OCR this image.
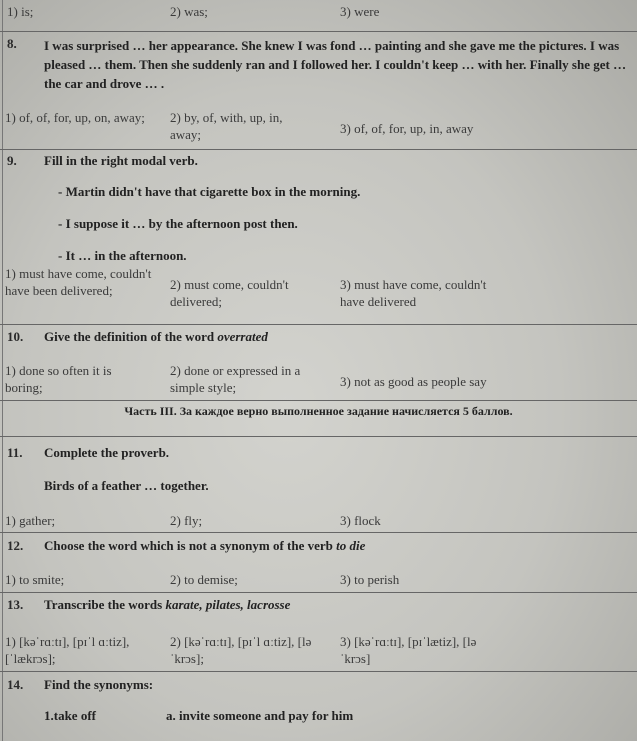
1) is;	2) was;	3) were
8. I was surprised … her appearance. She knew I was fond … painting and she gave me the pictures. I was pleased … them. Then she suddenly ran and I followed her. I couldn't keep … with her. Finally she get … the car and drove … .
1) of, of, for, up, on, away; 2) by, of, with, up, in, away;	3) of, of, for, up, in, away
9. Fill in the right modal verb.
- Martin didn't have that cigarette box in the morning.
- I suppose it … by the afternoon post then.
- It … in the afternoon.
1) must have come, couldn't have been delivered;	2) must come, couldn't delivered;
3) must have come, couldn't have delivered
10. Give the definition of the word overrated
1) done so often it is boring;
2) done or expressed in a simple style;	3) not as good as people say
Часть III. За каждое верно выполненное задание начисляется 5 баллов.
11. Complete the proverb.
Birds of a feather … together.
1) gather;	2) fly;	3) flock
12. Choose the word which is not a synonym of the verb to die
1) to smite;	2) to demise;	3) to perish
13. Transcribe the words karate, pilates, lacrosse
1) [kəˈrɑːtɪ], [pɪˈl ɑːtiz], [ˈlækrɔs];
2) [kəˈrɑːtɪ], [pɪˈl ɑːtiz], [ləˈkrɔs];
3) [kəˈrɑːtɪ], [pɪˈlætiz], [ləˈkrɔs]
14. Find the synonyms:
1.take off	a. invite someone and pay for him
